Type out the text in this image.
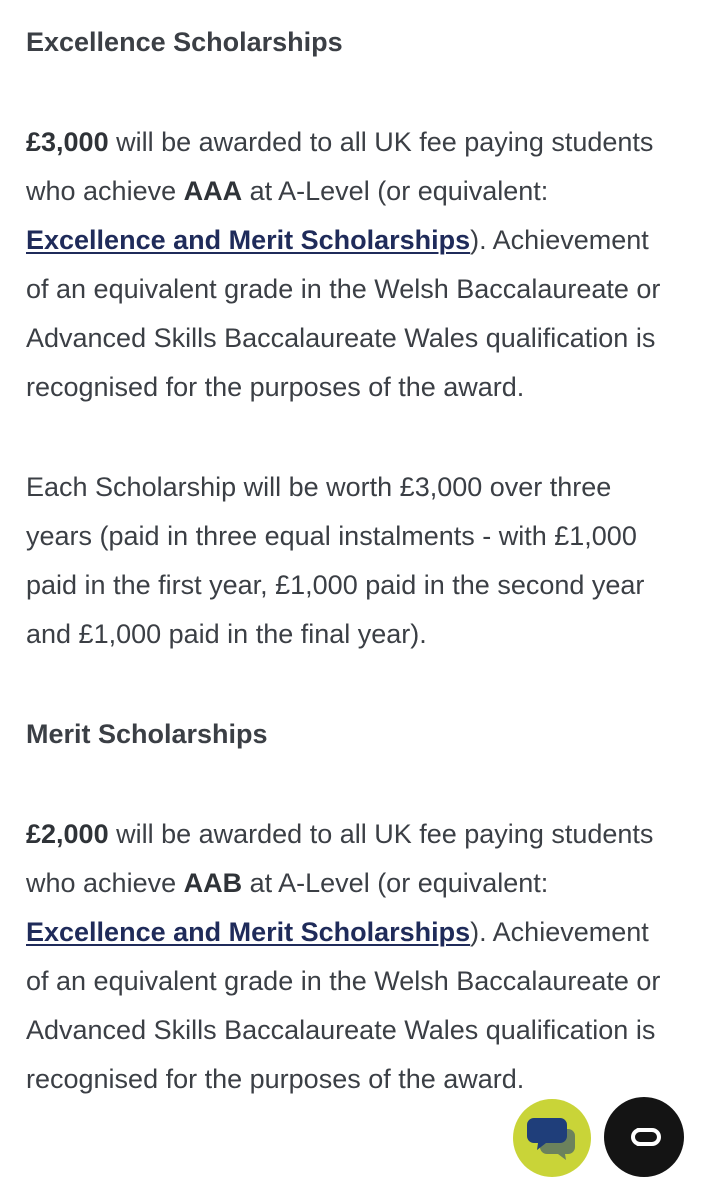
Excellence Scholarships

£3,000 will be awarded to all UK fee paying students who achieve AAA at A-Level (or equivalent: Excellence and Merit Scholarships). Achievement of an equivalent grade in the Welsh Baccalaureate or Advanced Skills Baccalaureate Wales qualification is recognised for the purposes of the award.

Each Scholarship will be worth £3,000 over three years (paid in three equal instalments - with £1,000 paid in the first year, £1,000 paid in the second year and £1,000 paid in the final year).

Merit Scholarships

£2,000 will be awarded to all UK fee paying students who achieve AAB at A-Level (or equivalent: Excellence and Merit Scholarships). Achievement of an equivalent grade in the Welsh Baccalaureate or Advanced Skills Baccalaureate Wales qualification is recognised for the purposes of the award.
